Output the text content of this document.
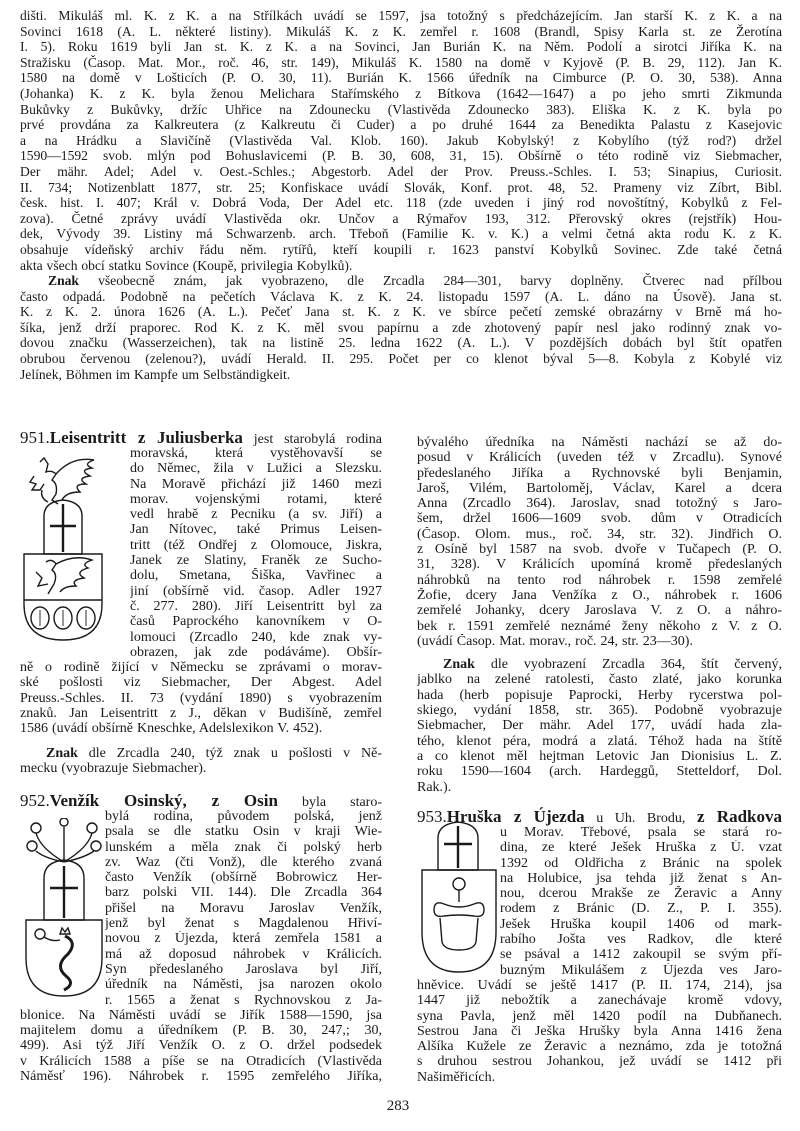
dišti. Mikuláš ml. K. z K. a na Střílkách uvádí se 1597, jsa totožný s předcházejícím. Jan starší K. z K. a na
Sovinci 1618 (A. L. některé listiny). Mikuláš K. z K. zemřel r. 1608 (Brandl, Spisy Karla st. ze Žerotína
I. 5). Roku 1619 byli Jan st. K. z K. a na Sovinci, Jan Burián K. na Něm. Podolí a sirotci Jiříka K. na
Stražisku (Časop. Mat. Mor., roč. 46, str. 149), Mikuláš K. 1580 na domě v Kyjově (P. B. 29, 112). Jan K.
1580 na domě v Lošticích (P. O. 30, 11). Burián K. 1566 úředník na Cimburce (P. O. 30, 538). Anna
(Johanka) K. z K. byla ženou Melichara Stařímského z Bítkova (1642—1647) a po jeho smrti Zikmunda
Bukůvky z Bukůvky, držíc Uhřice na Zdounecku (Vlastivěda Zdounecko 383). Eliška K. z K. byla po
prvé provdána za Kalkreutera (z Kalkreutu či Cuder) a po druhé 1644 za Benedikta Palastu z Kasejovic
a na Hrádku a Slavičíně (Vlastivěda Val. Klob. 160). Jakub Kobylský! z Kobylího (týž rod?) držel
1590—1592 svob. mlýn pod Bohuslavicemi (P. B. 30, 608, 31, 15). Obšírně o této rodině viz Siebmacher,
Der mähr. Adel; Adel v. Oest.-Schles.; Abgestorb. Adel der Prov. Preuss.-Schles. I. 53; Sinapius, Curiosit.
II. 734; Notizenblatt 1877, str. 25; Konfiskace uvádí Slovák, Konf. prot. 48, 52. Prameny viz Zíbrt, Bibl.
česk. hist. I. 407; Král v. Dobrá Voda, Der Adel etc. 118 (zde uveden i jiný rod novoštítný, Kobylků z Fel-
zova). Četné zprávy uvádí Vlastivěda okr. Unčov a Rýmařov 193, 312. Přerovský okres (rejstřík) Hou-
dek, Vývody 39. Listiny má Schwarzenb. arch. Třeboň (Familie K. v. K.) a velmi četná akta rodu K. z K.
obsahuje vídeňský archiv řádu něm. rytířů, kteří koupili r. 1623 panství Kobylků Sovinec. Zde také četná
akta všech obcí statku Sovince (Koupě, privilegia Kobylků).
Znak všeobecně znám, jak vyobrazeno, dle Zrcadla 284—301, barvy doplněny. Čtverec nad přílbou
často odpadá. Podobně na pečetích Václava K. z K. 24. listopadu 1597 (A. L. dáno na Úsově). Jana st.
K. z K. 2. února 1626 (A. L.). Pečeť Jana st. K. z K. ve sbírce pečetí zemské obrazárny v Brně má ho-
šíka, jenž drží praporec. Rod K. z K. měl svou papírnu a zde zhotovený papír nesl jako rodinný znak vo-
dovou značku (Wasserzeichen), tak na listině 25. ledna 1622 (A. L.). V pozdějších dobách byl štít opatřen
obrubou červenou (zelenou?), uvádí Herald. II. 295. Počet per co klenot býval 5—8. Kobyla z Kobylé viz
Jelínek, Böhmen im Kampfe um Selbständigkeit.
951.Leisentritt z Juliusberka jest starobylá rodina
moravská, která vystěhovavší se
do Němec, žila v Lužici a Slezsku.
Na Moravě přichází již 1460 mezi
morav. vojenskými rotami, které
vedl hrabě z Pecniku (a sv. Jiří) a
Jan Nítovec, také Primus Leisen-
tritt (též Ondřej z Olomouce, Jiskra,
Janek ze Slatiny, Franěk ze Sucho-
dolu, Smetana, Šiška, Vavřinec a
jiní (obšírně vid. časop. Adler 1927
č. 277. 280). Jiří Leisentritt byl za
časů Paprockého kanovníkem v O-
lomouci (Zrcadlo 240, kde znak vy-
obrazen, jak zde podáváme). Obšír-
ně o rodině žijící v Německu se zprávami o morav-
ské pošlosti viz Siebmacher, Der Abgest. Adel
Preuss.-Schles. II. 73 (vydání 1890) s vyobrazením
znaků. Jan Leisentritt z J., děkan v Budišíně, zemřel
1586 (uvádí obšírně Kneschke, Adelslexikon V. 452).
Znak dle Zrcadla 240, týž znak u pošlosti v Ně-
mecku (vyobrazuje Siebmacher).
952.Venžík Osinský, z Osin byla staro-
bylá rodina, původem polská, jenž
psala se dle statku Osin v kraji Wie-
lunském a měla znak či polský herb
zv. Waz (čti Vonž), dle kterého zvaná
často Venžík (obšírně Bobrowicz Her-
barz polski VII. 144). Dle Zrcadla 364
přišel na Moravu Jaroslav Venžík,
jenž byl ženat s Magdalenou Hřiví-
novou z Újezda, která zemřela 1581 a
má až doposud náhrobek v Králicích.
Syn předeslaného Jaroslava byl Jiří,
úředník na Náměsti, jsa narozen okolo
r. 1565 a ženat s Rychnovskou z Ja-
blonice. Na Náměsti uvádí se Jiřík 1588—1590, jsa
majitelem domu a úředníkem (P. B. 30, 247,; 30,
499). Asi týž Jiří Venžík O. z O. držel podsedek
v Králicích 1588 a píše se na Otradicích (Vlastivěda
Náměsť 196). Náhrobek r. 1595 zemřelého Jiříka,
bývalého úředníka na Náměsti nachází se až do-
posud v Králicích (uveden též v Zrcadlu). Synové
předeslaného Jiříka a Rychnovské byli Benjamin,
Jaroš, Vilém, Bartoloměj, Václav, Karel a dcera
Anna (Zrcadlo 364). Jaroslav, snad totožný s Jaro-
šem, držel 1606—1609 svob. dům v Otradicích
(Časop. Olom. mus., roč. 34, str. 32). Jindřich O.
z Osíně byl 1587 na svob. dvoře v Tučapech (P. O.
31, 328). V Králicích upomíná kromě předeslaných
náhrobků na tento rod náhrobek r. 1598 zemřelé
Žofie, dcery Jana Venžíka z O., náhrobek r. 1606
zemřelé Johanky, dcery Jaroslava V. z O. a náhro-
bek r. 1591 zemřelé neznámé ženy někoho z V. z O.
(uvádí Časop. Mat. morav., roč. 24, str. 23—30).
Znak dle vyobrazení Zrcadla 364, štít červený,
jablko na zelené ratolesti, často zlaté, jako korunka
hada (herb popisuje Paprocki, Herby rycerstwa pol-
skiego, vydání 1858, str. 365). Podobně vyobrazuje
Siebmacher, Der mähr. Adel 177, uvádí hada zla-
tého, klenot péra, modrá a zlatá. Téhož hada na štítě
a co klenot měl hejtman Letovic Jan Dionisius L. Z.
roku 1590—1604 (arch. Hardeggů, Stetteldorf, Dol.
Rak.).
953.Hruška z Újezda u Uh. Brodu, z Radkova
u Morav. Třebové, psala se stará ro-
dina, ze které Ješek Hruška z Ú. vzat
1392 od Oldřicha z Bránic na spolek
na Holubice, jsa tehda již ženat s An-
nou, dcerou Mrakše ze Žeravic a Anny
rodem z Bránic (D. Z., P. I. 355).
Ješek Hruška koupil 1406 od mark-
rabího Jošta ves Radkov, dle které
se psával a 1412 zakoupil se svým pří-
buzným Mikulášem z Újezda ves Jaro-
hněvice. Uvádí se ještě 1417 (P. II. 174, 214), jsa
1447 již nebožtík a zanechávaje kromě vdovy,
syna Pavla, jenž měl 1420 podíl na Dubňanech.
Sestrou Jana či Ješka Hrušky byla Anna 1416 žena
Alšíka Kužele ze Žeravic a neznámo, zda je totožná
s druhou sestrou Johankou, jež uvádí se 1412 při
Našiměřicích.
283
